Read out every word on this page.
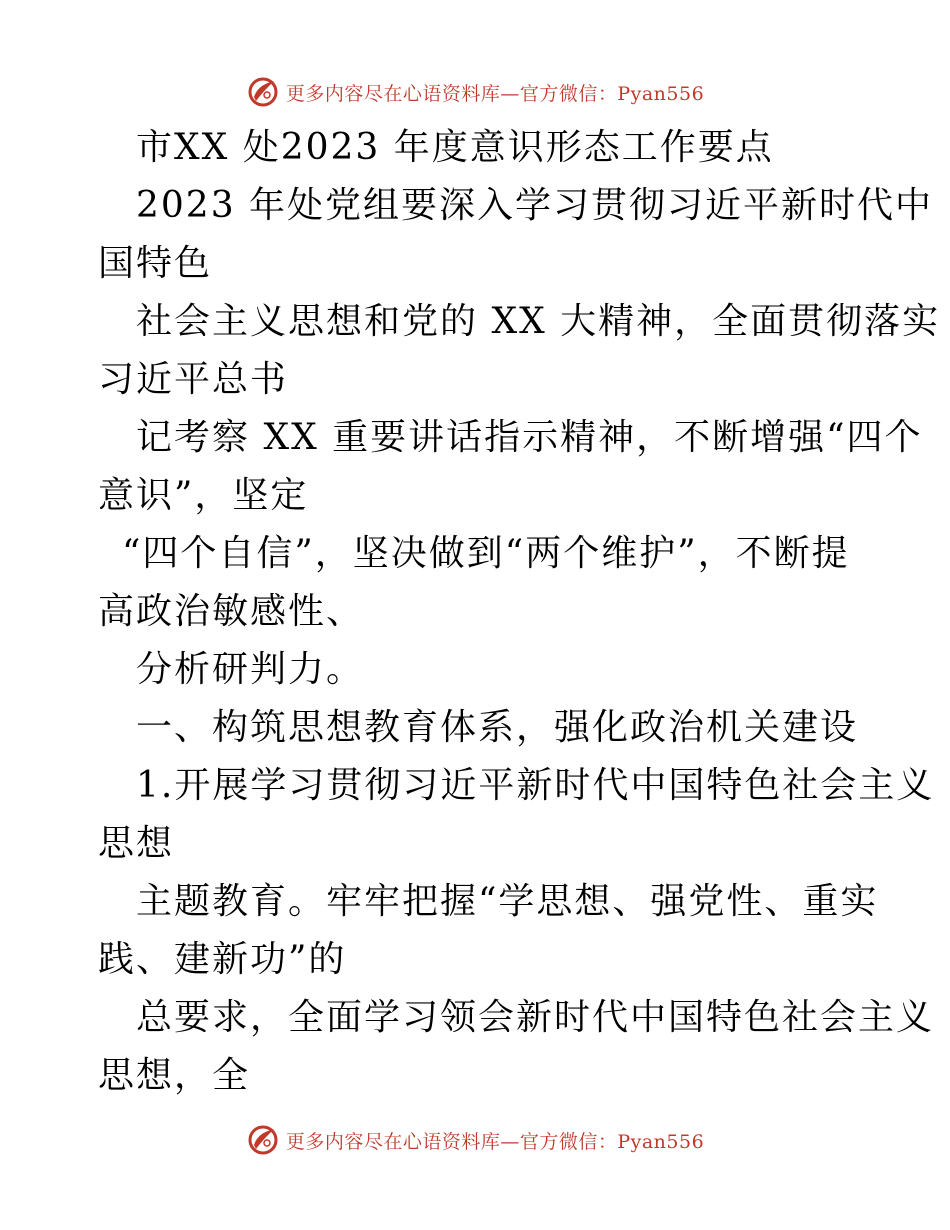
更多内容尽在心语资料库—官方微信：Pyan556
市XX 处2023 年度意识形态工作要点
2023 年处党组要深入学习贯彻习近平新时代中
国特色
社会主义思想和党的 XX 大精神，全面贯彻落实
习近平总书
记考察 XX 重要讲话指示精神，不断增强“四个
意识”，坚定
“四个自信”，坚决做到“两个维护”，不断提
高政治敏感性、
分析研判力。
一、构筑思想教育体系，强化政治机关建设
1.开展学习贯彻习近平新时代中国特色社会主义
思想
主题教育。牢牢把握“学思想、强党性、重实
践、建新功”的
总要求，全面学习领会新时代中国特色社会主义
思想，全
更多内容尽在心语资料库—官方微信：Pyan556
